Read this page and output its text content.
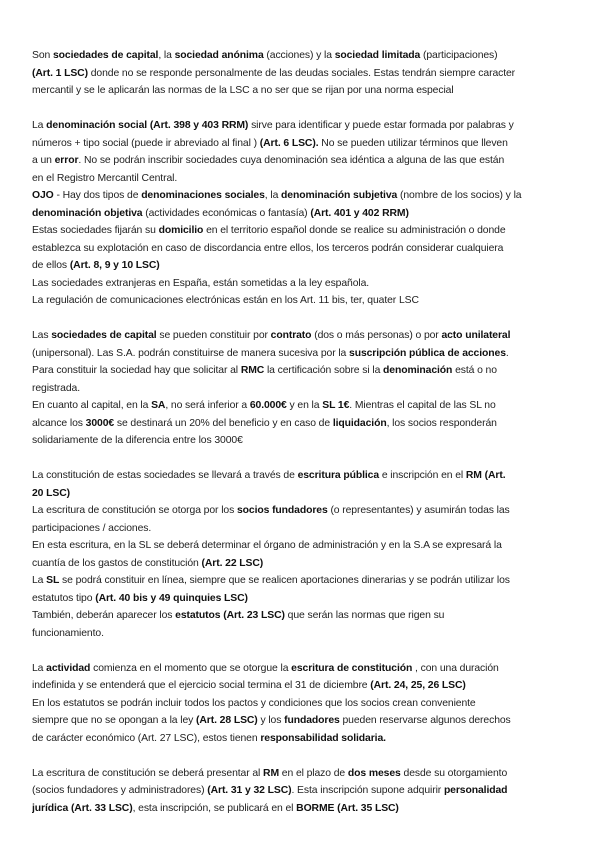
Son sociedades de capital, la sociedad anónima (acciones) y la sociedad limitada (participaciones)
(Art. 1 LSC) donde no se responde personalmente de las deudas sociales. Estas tendrán siempre caracter
mercantil y se le aplicarán las normas de la LSC a no ser que se rijan por una norma especial
La denominación social (Art. 398 y 403 RRM) sirve para identificar y puede estar formada por palabras y
números + tipo social (puede ir abreviado al final ) (Art. 6 LSC). No se pueden utilizar términos que lleven
a un error. No se podrán inscribir sociedades cuya denominación sea idéntica a alguna de las que están
en el Registro Mercantil Central.
OJO - Hay dos tipos de denominaciones sociales, la denominación subjetiva (nombre de los socios) y la
denominación objetiva (actividades económicas o fantasía) (Art. 401 y 402 RRM)
Estas sociedades fijarán su domicilio en el territorio español donde se realice su administración o donde
establezca su explotación en caso de discordancia entre ellos, los terceros podrán considerar cualquiera
de ellos (Art. 8, 9 y 10 LSC)
Las sociedades extranjeras en España, están sometidas a la ley española.
La regulación de comunicaciones electrónicas están en los Art. 11 bis, ter, quater LSC
Las sociedades de capital se pueden constituir por contrato (dos o más personas) o por acto unilateral
(unipersonal). Las S.A. podrán constituirse de manera sucesiva por la suscripción pública de acciones.
Para constituir la sociedad hay que solicitar al RMC la certificación sobre si la denominación está o no
registrada.
En cuanto al capital, en la SA, no será inferior a 60.000€ y en la SL 1€. Mientras el capital de las SL no
alcance los 3000€ se destinará un 20% del beneficio y en caso de liquidación, los socios responderán
solidariamente de la diferencia entre los 3000€
La constitución de estas sociedades se llevará a través de escritura pública e inscripción en el RM (Art.
20 LSC)
La escritura de constitución se otorga por los socios fundadores (o representantes) y asumirán todas las
participaciones / acciones.
En esta escritura, en la SL se deberá determinar el órgano de administración y en la S.A se expresará la
cuantía de los gastos de constitución (Art. 22 LSC)
La SL se podrá constituir en línea, siempre que se realicen aportaciones dinerarias y se podrán utilizar los
estatutos tipo (Art. 40 bis y 49 quinquies LSC)
También, deberán aparecer los estatutos (Art. 23 LSC) que serán las normas que rigen su
funcionamiento.
La actividad comienza en el momento que se otorgue la escritura de constitución , con una duración
indefinida y se entenderá que el ejercicio social termina el 31 de diciembre (Art. 24, 25, 26 LSC)
En los estatutos se podrán incluir todos los pactos y condiciones que los socios crean conveniente
siempre que no se opongan a la ley (Art. 28 LSC) y los fundadores pueden reservarse algunos derechos
de carácter económico (Art. 27 LSC), estos tienen responsabilidad solidaria.
La escritura de constitución se deberá presentar al RM en el plazo de dos meses desde su otorgamiento
(socios fundadores y administradores) (Art. 31 y 32 LSC). Esta inscripción supone adquirir personalidad
jurídica (Art. 33 LSC), esta inscripción, se publicará en el BORME (Art. 35 LSC)
